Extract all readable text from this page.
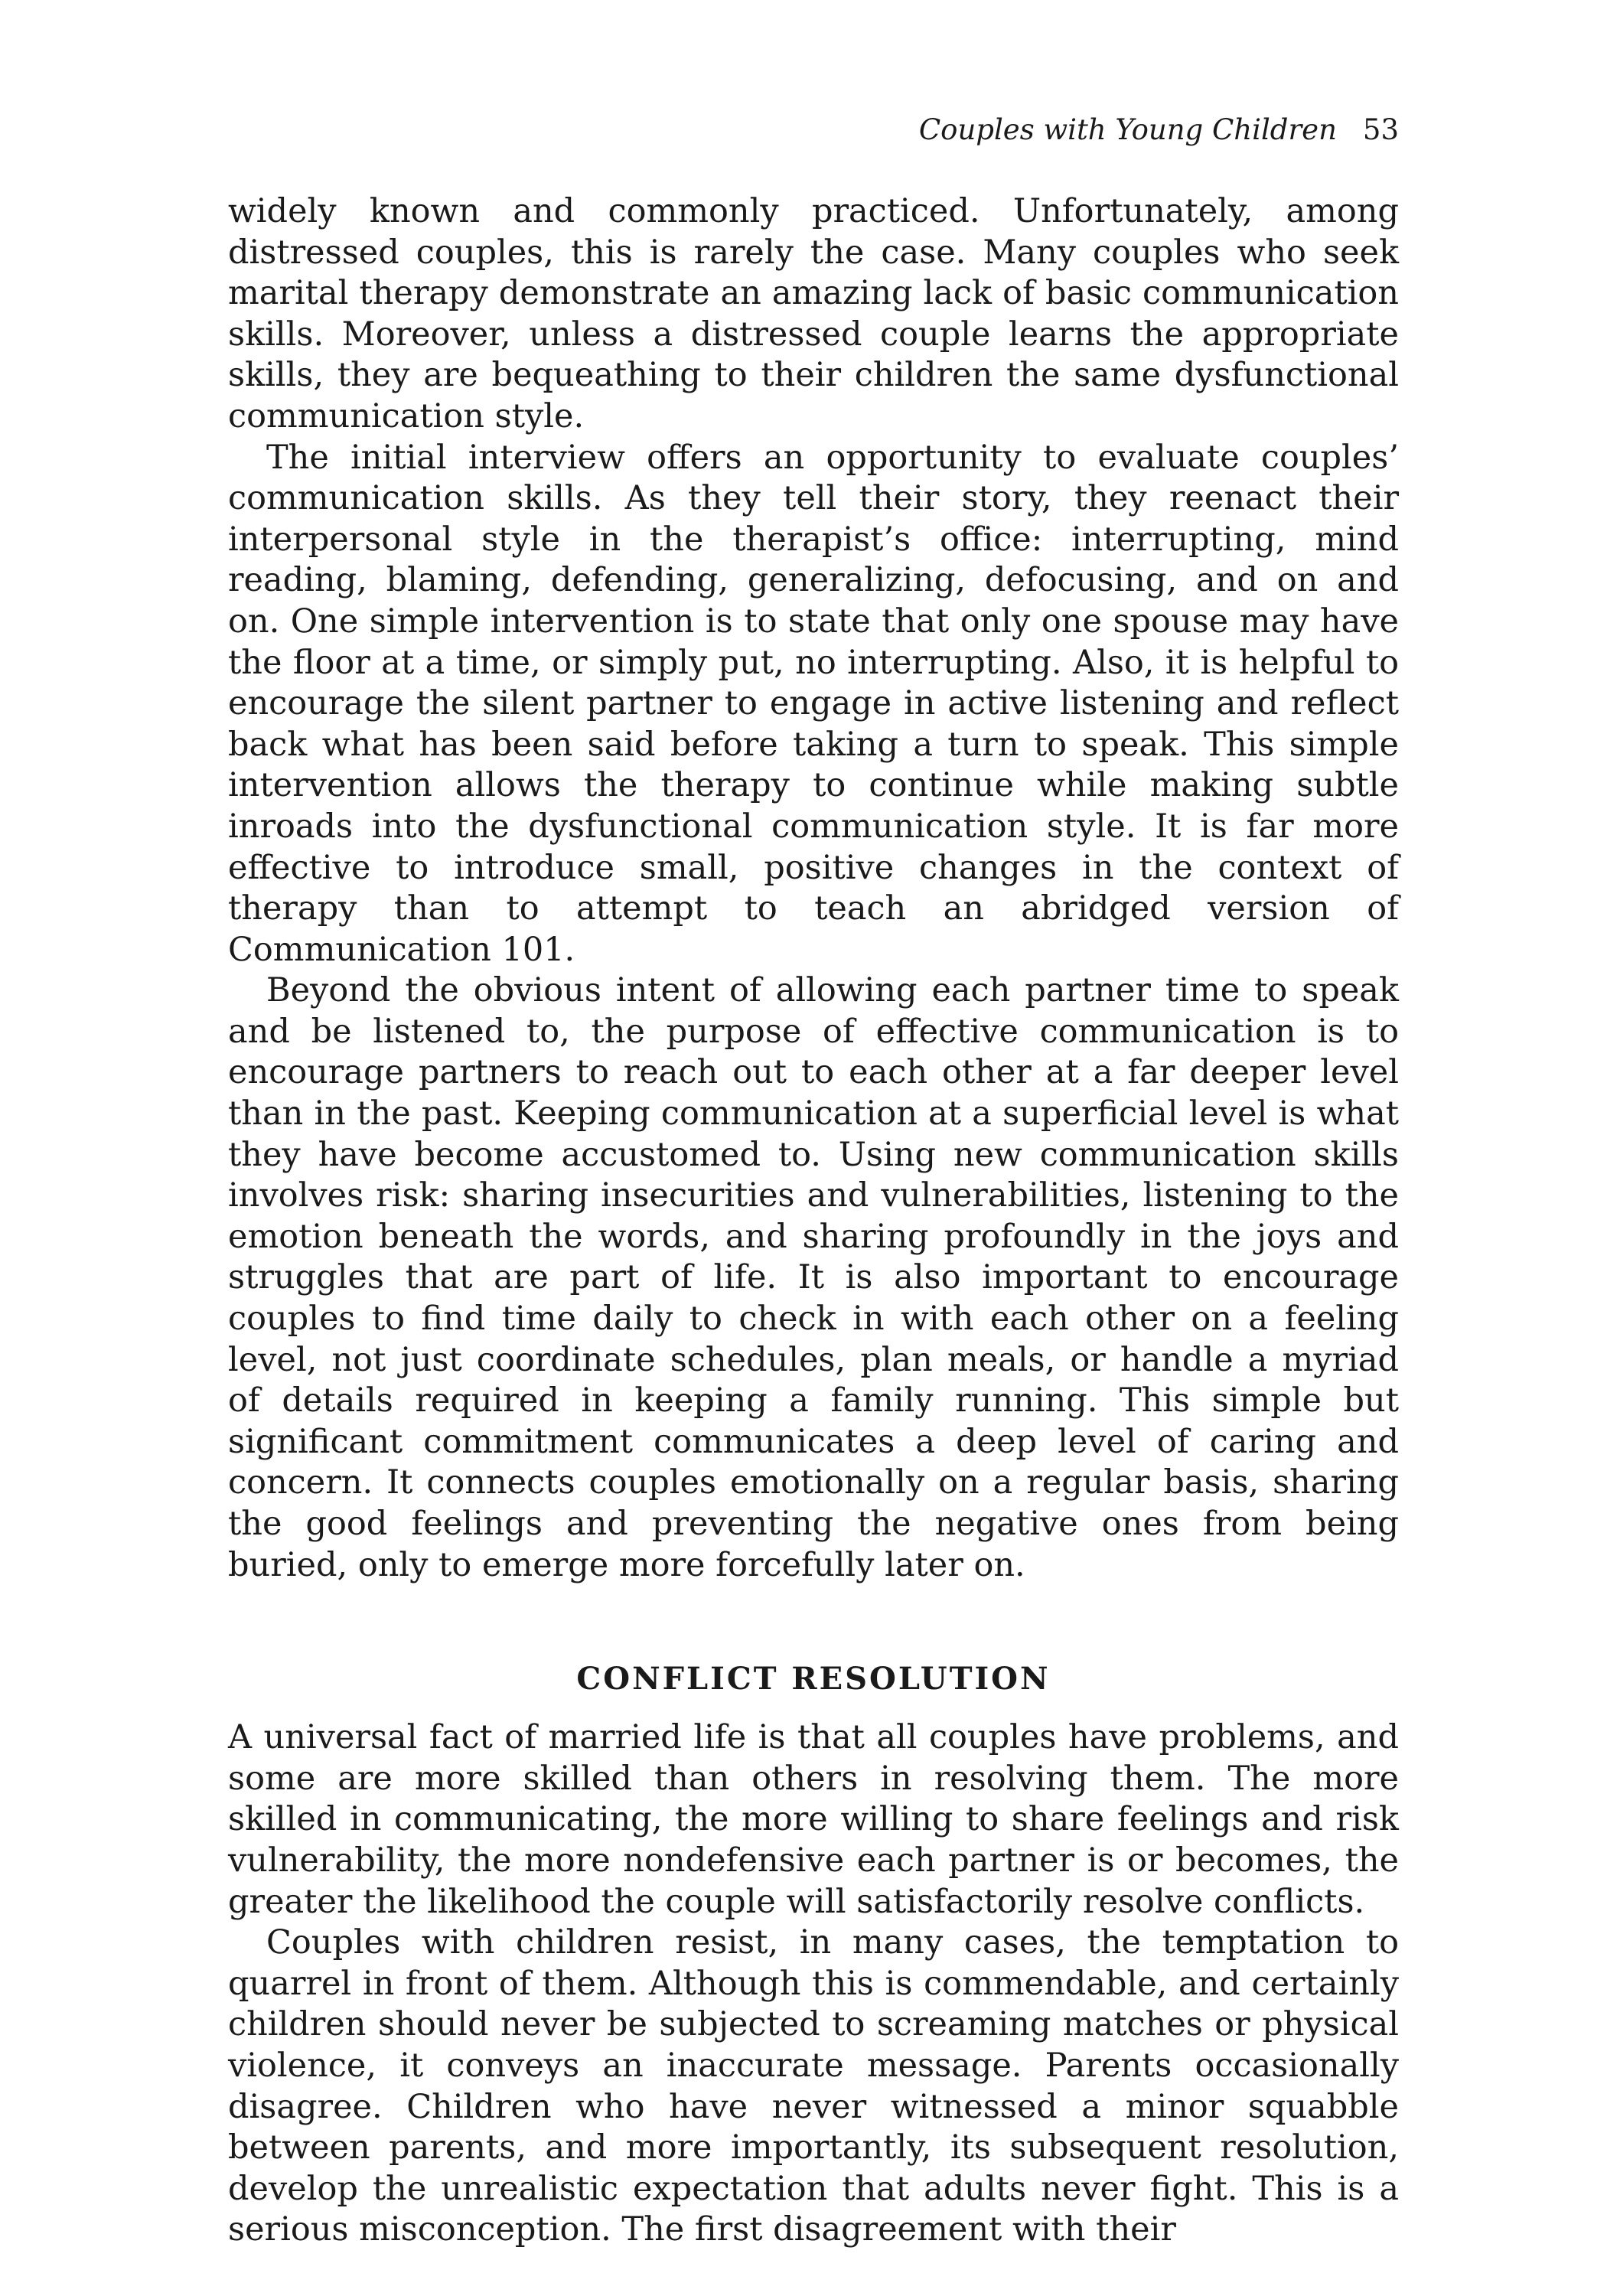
Couples with Young Children 53

widely known and commonly practiced. Unfortunately, among distressed couples, this is rarely the case. Many couples who seek marital therapy demonstrate an amazing lack of basic communication skills. Moreover, unless a distressed couple learns the appropriate skills, they are bequeathing to their children the same dysfunctional communication style.

The initial interview offers an opportunity to evaluate couples’ communication skills. As they tell their story, they reenact their interpersonal style in the therapist’s office: interrupting, mind reading, blaming, defending, generalizing, defocusing, and on and on. One simple intervention is to state that only one spouse may have the floor at a time, or simply put, no interrupting. Also, it is helpful to encourage the silent partner to engage in active listening and reflect back what has been said before taking a turn to speak. This simple intervention allows the therapy to continue while making subtle inroads into the dysfunctional communication style. It is far more effective to introduce small, positive changes in the context of therapy than to attempt to teach an abridged version of Communication 101.

Beyond the obvious intent of allowing each partner time to speak and be listened to, the purpose of effective communication is to encourage partners to reach out to each other at a far deeper level than in the past. Keeping communication at a superficial level is what they have become accustomed to. Using new communication skills involves risk: sharing insecurities and vulnerabilities, listening to the emotion beneath the words, and sharing profoundly in the joys and struggles that are part of life. It is also important to encourage couples to find time daily to check in with each other on a feeling level, not just coordinate schedules, plan meals, or handle a myriad of details required in keeping a family running. This simple but significant commitment communicates a deep level of caring and concern. It connects couples emotionally on a regular basis, sharing the good feelings and preventing the negative ones from being buried, only to emerge more forcefully later on.

CONFLICT RESOLUTION

A universal fact of married life is that all couples have problems, and some are more skilled than others in resolving them. The more skilled in communicating, the more willing to share feelings and risk vulnerability, the more nondefensive each partner is or becomes, the greater the likelihood the couple will satisfactorily resolve conflicts.

Couples with children resist, in many cases, the temptation to quarrel in front of them. Although this is commendable, and certainly children should never be subjected to screaming matches or physical violence, it conveys an inaccurate message. Parents occasionally disagree. Children who have never witnessed a minor squabble between parents, and more importantly, its subsequent resolution, develop the unrealistic expectation that adults never fight. This is a serious misconception. The first disagreement with their
